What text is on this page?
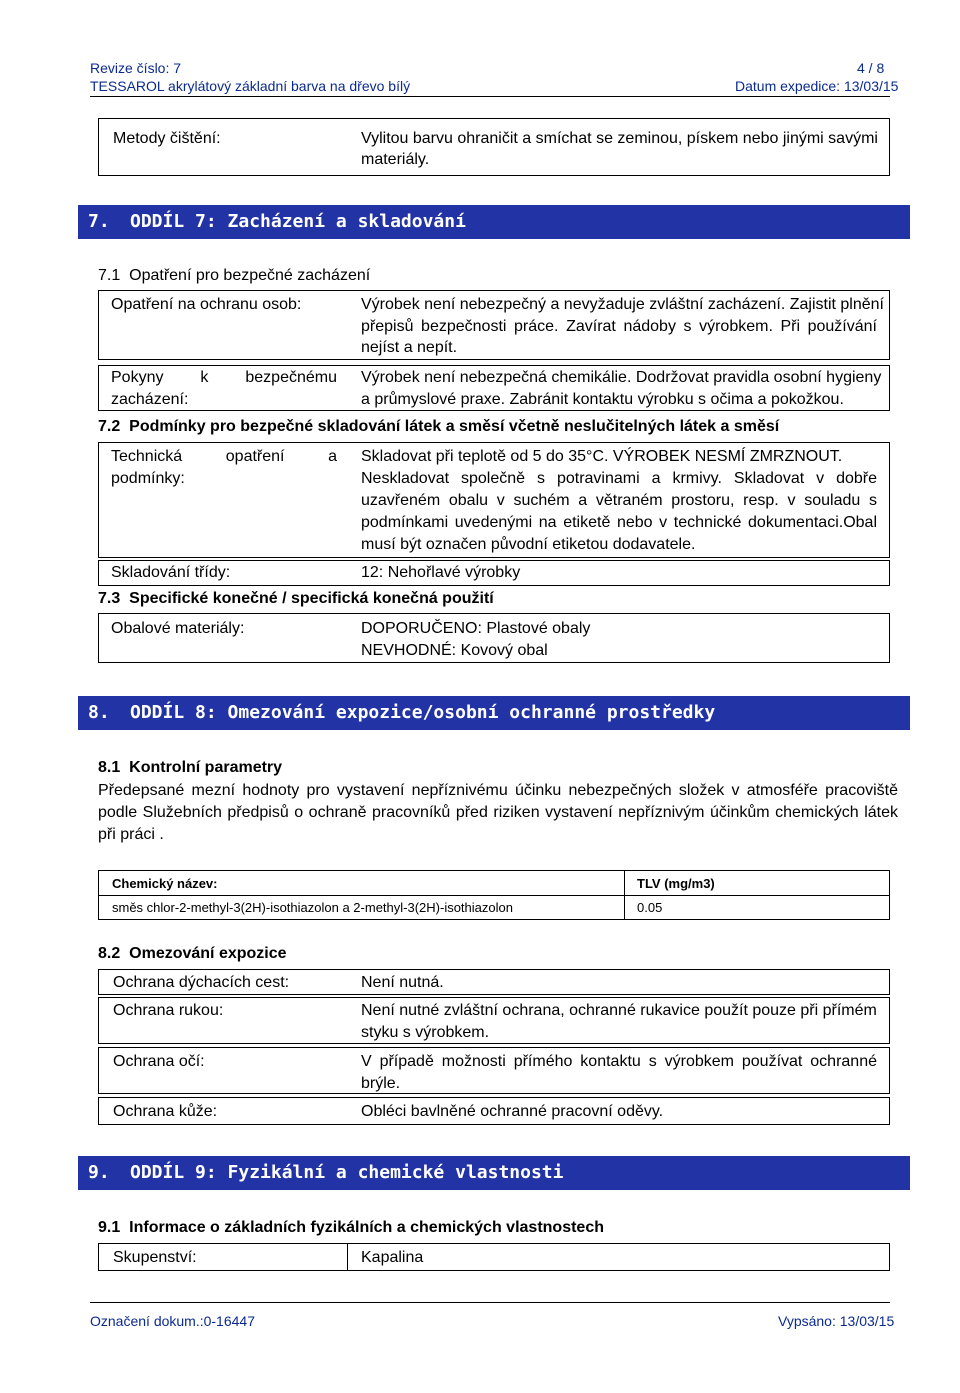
Revize číslo: 7	4 / 8
TESSAROL akrylátový základní barva na dřevo bílý	Datum expedice: 13/03/15
Metody čištění:	Vylitou barvu ohraničit a smíchat se zeminou, pískem nebo jinými savými
materiály.
7. ODDÍL 7: Zacházení a skladování
7.1 Opatření pro bezpečné zacházení
Opatření na ochranu osob:	Výrobek není nebezpečný a nevyžaduje zvláštní zacházení. Zajistit plnění
přepisů bezpečnosti práce. Zavírat nádoby s výrobkem. Při používání
nejíst a nepít.
Pokyny k bezpečnému
zacházení:
Výrobek není nebezpečná chemikálie. Dodržovat pravidla osobní hygieny
a průmyslové praxe. Zabránit kontaktu výrobku s očima a pokožkou.
7.2 Podmínky pro bezpečné skladování látek a směsí včetně neslučitelných látek a směsí
Technická opatření a
podmínky:
Skladovat při teplotě od 5 do 35°C. VÝROBEK NESMÍ ZMRZNOUT.
Neskladovat společně s potravinami a krmivy. Skladovat v dobře
uzavřeném obalu v suchém a větraném prostoru, resp. v souladu s
podmínkami uvedenými na etiketě nebo v technické dokumentaci.Obal
musí být označen původní etiketou dodavatele.
Skladování třídy:	12: Nehořlavé výrobky
7.3 Specifické konečné / specifická konečná použití
Obalové materiály:	DOPORUČENO: Plastové obaly
NEVHODNÉ: Kovový obal
8. ODDÍL 8: Omezování expozice/osobní ochranné prostředky
8.1 Kontrolní parametry
Předepsané mezní hodnoty pro vystavení nepříznivému účinku nebezpečných složek v atmosféře pracoviště
podle Služebních předpisů o ochraně pracovníků před riziken vystavení nepříznivým účinkům chemických látek
při práci .
Chemický název:	TLV (mg/m3)
směs chlor-2-methyl-3(2H)-isothiazolon a 2-methyl-3(2H)-isothiazolon	0.05
8.2 Omezování expozice
Ochrana dýchacích cest:	Není nutná.
Ochrana rukou:	Není nutné zvláštní ochrana, ochranné rukavice použít pouze při přímém
styku s výrobkem.
Ochrana očí:	V případě možnosti přímého kontaktu s výrobkem používat ochranné
brýle.
Ochrana kůže:	Obléci bavlněné ochranné pracovní oděvy.
9. ODDÍL 9: Fyzikální a chemické vlastnosti
9.1 Informace o základních fyzikálních a chemických vlastnostech
Skupenství:	Kapalina
Označení dokum.:0-16447	Vypsáno: 13/03/15
